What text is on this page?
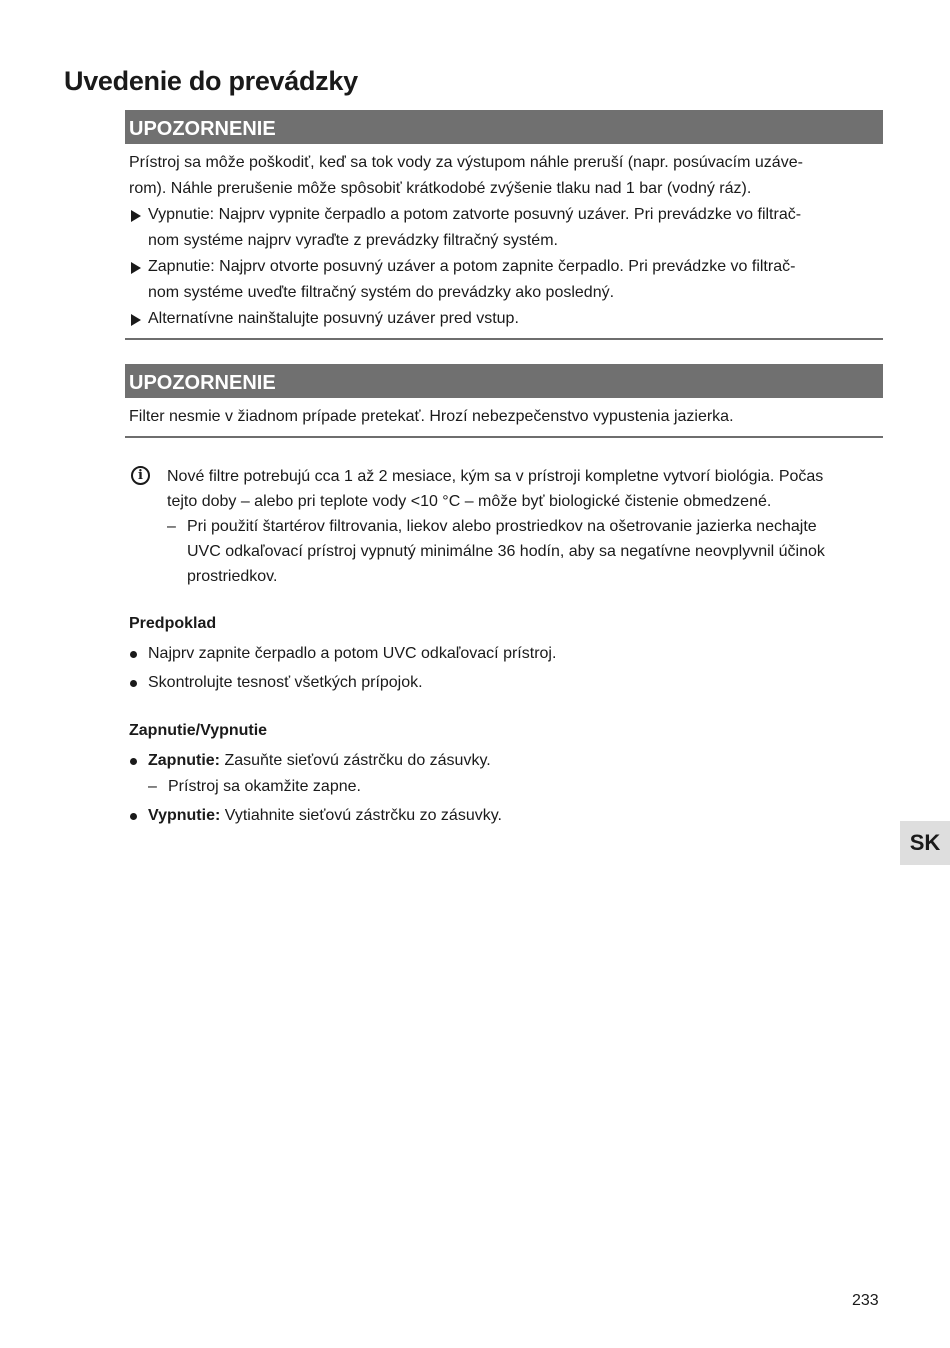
Uvedenie do prevádzky
UPOZORNENIE

Prístroj sa môže poškodiť, keď sa tok vody za výstupom náhle preruší (napr. posúvacím uzáve-
rom). Náhle prerušenie môže spôsobiť krátkodobé zvýšenie tlaku nad 1 bar (vodný ráz).

Vypnutie: Najprv vypnite čerpadlo a potom zatvorte posuvný uzáver. Pri prevádzke vo filtrač-
nom systéme najprv vyraďte z prevádzky filtračný systém.
Zapnutie: Najprv otvorte posuvný uzáver a potom zapnite čerpadlo. Pri prevádzke vo filtrač-
nom systéme uveďte filtračný systém do prevádzky ako posledný.
Alternatívne nainštalujte posuvný uzáver pred vstup.
UPOZORNENIE

Filter nesmie v žiadnom prípade pretekať. Hrozí nebezpečenstvo vypustenia jazierka.

i	Nové filtre potrebujú cca 1 až 2 mesiace, kým sa v prístroji kompletne vytvorí biológia. Počas
tejto doby – alebo pri teplote vody <10 °C – môže byť biologické čistenie obmedzené.

– Pri použití štartérov filtrovania, liekov alebo prostriedkov na ošetrovanie jazierka nechajte
UVC odkaľovací prístroj vypnutý minimálne 36 hodín, aby sa negatívne neovplyvnil účinok
prostriedkov.
Predpoklad
Najprv zapnite čerpadlo a potom UVC odkaľovací prístroj.
Skontrolujte tesnosť všetkých prípojok.
Zapnutie/Vypnutie
Zapnutie: Zasuňte sieťovú zástrčku do zásuvky.
– Prístroj sa okamžite zapne.
Vypnutie: Vytiahnite sieťovú zástrčku zo zásuvky.
SK
233
